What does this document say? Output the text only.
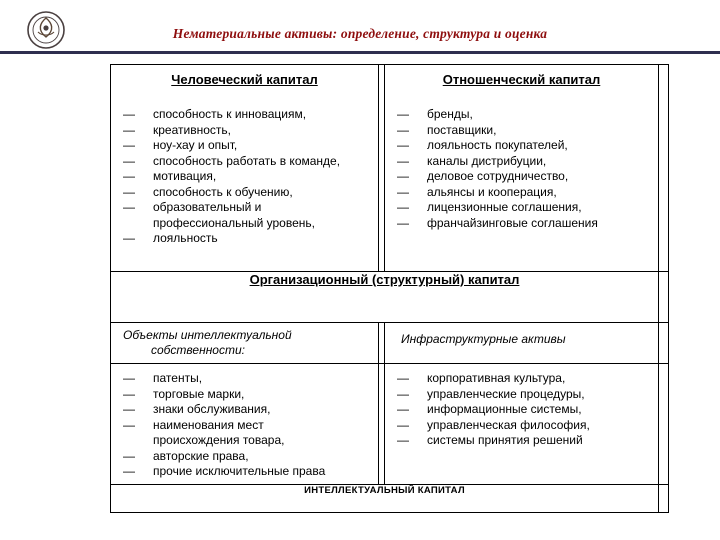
Нематериальные активы: определение, структура и оценка
Человеческий капитал
—	способность к инновациям,
—	креативность,
—	ноу-хау и опыт,
—	способность работать в команде,
—	мотивация,
—	способность к обучению,
—	образовательный и профессиональный уровень,
—	лояльность

Отношенческий капитал
—	бренды,
—	поставщики,
—	лояльность покупателей,
—	каналы дистрибуции,
—	деловое сотрудничество,
—	альянсы и кооперация,
—	лицензионные соглашения,
—	франчайзинговые соглашения

Организационный (структурный) капитал			

Объекты интеллектуальной собственности:		Инфраструктурные активы	

—	патенты,
—	торговые марки,
—	знаки обслуживания,
—	наименования мест происхождения товара,
—	авторские права,
—	прочие исключительные права

—	корпоративная культура,
—	управленческие процедуры,
—	информационные системы,
—	управленческая философия,
—	системы принятия решений

ИНТЕЛЛЕКТУАЛЬНЫЙ КАПИТАЛ			
